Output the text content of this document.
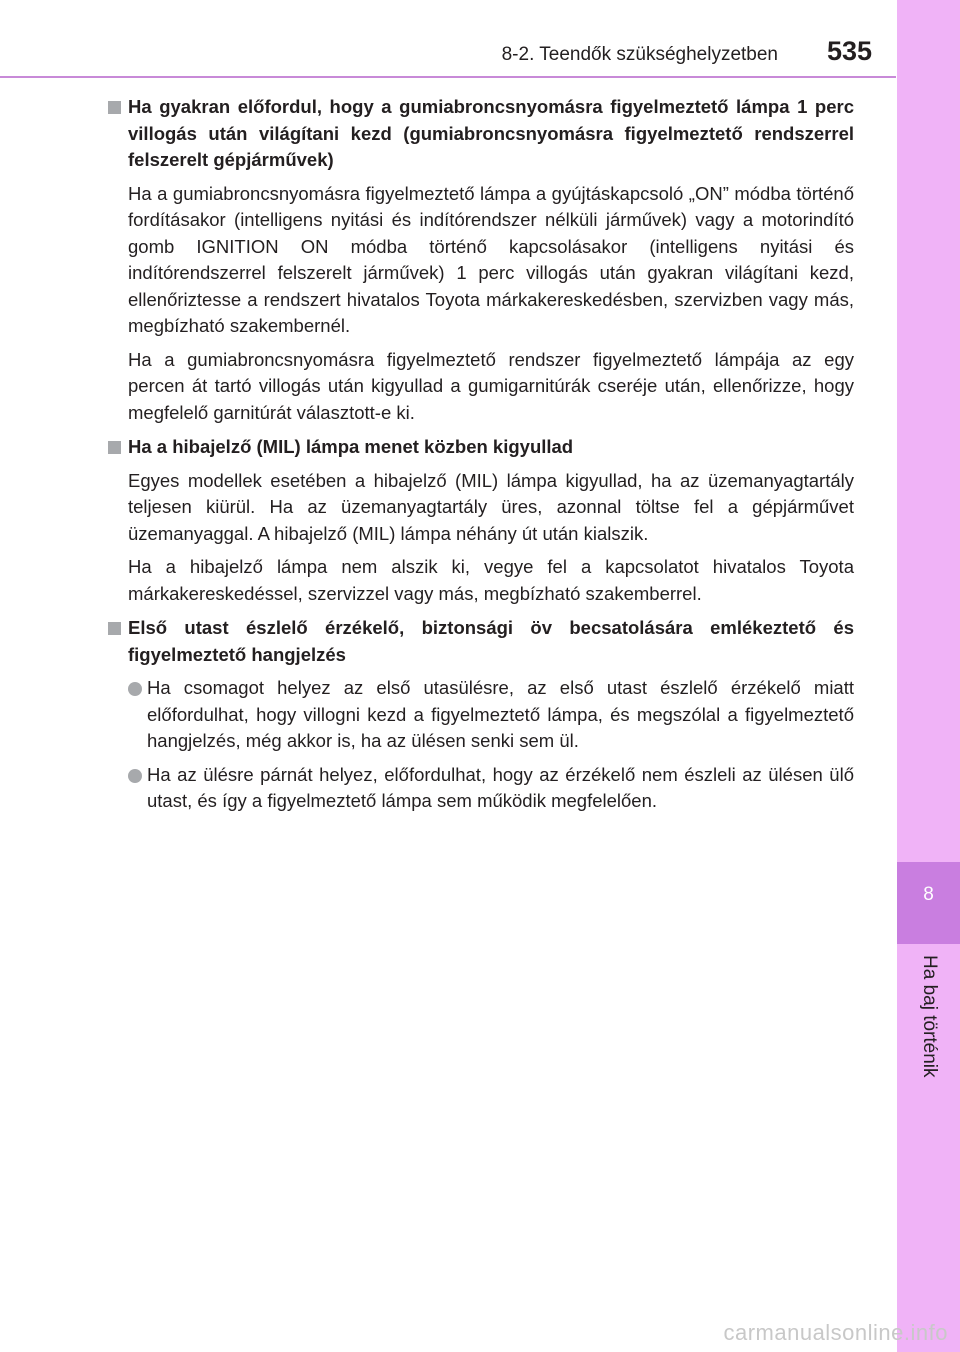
8-2. Teendők szükséghelyzetben 535
8
Ha baj történik
Ha gyakran előfordul, hogy a gumiabroncsnyomásra figyelmeztető lámpa 1 perc villogás után világítani kezd (gumiabroncsnyomásra figyelmeztető rendszerrel felszerelt gépjárművek)
Ha a gumiabroncsnyomásra figyelmeztető lámpa a gyújtáskapcsoló „ON” módba történő fordításakor (intelligens nyitási és indítórendszer nélküli járművek) vagy a motorindító gomb IGNITION ON módba történő kapcsolásakor (intelligens nyitási és indítórendszerrel felszerelt járművek) 1 perc villogás után gyakran világítani kezd, ellenőriztesse a rendszert hivatalos Toyota márkakereskedésben, szervizben vagy más, megbízható szakembernél.
Ha a gumiabroncsnyomásra figyelmeztető rendszer figyelmeztető lámpája az egy percen át tartó villogás után kigyullad a gumigarnitúrák cseréje után, ellenőrizze, hogy megfelelő garnitúrát választott-e ki.
Ha a hibajelző (MIL) lámpa menet közben kigyullad
Egyes modellek esetében a hibajelző (MIL) lámpa kigyullad, ha az üzemanyagtartály teljesen kiürül. Ha az üzemanyagtartály üres, azonnal töltse fel a gépjárművet üzemanyaggal. A hibajelző (MIL) lámpa néhány út után kialszik.
Ha a hibajelző lámpa nem alszik ki, vegye fel a kapcsolatot hivatalos Toyota márkakereskedéssel, szervizzel vagy más, megbízható szakemberrel.
Első utast észlelő érzékelő, biztonsági öv becsatolására emlékeztető és figyelmeztető hangjelzés
Ha csomagot helyez az első utasülésre, az első utast észlelő érzékelő miatt előfordulhat, hogy villogni kezd a figyelmeztető lámpa, és megszólal a figyelmeztető hangjelzés, még akkor is, ha az ülésen senki sem ül.
Ha az ülésre párnát helyez, előfordulhat, hogy az érzékelő nem észleli az ülésen ülő utast, és így a figyelmeztető lámpa sem működik megfelelően.
carmanualsonline.info
